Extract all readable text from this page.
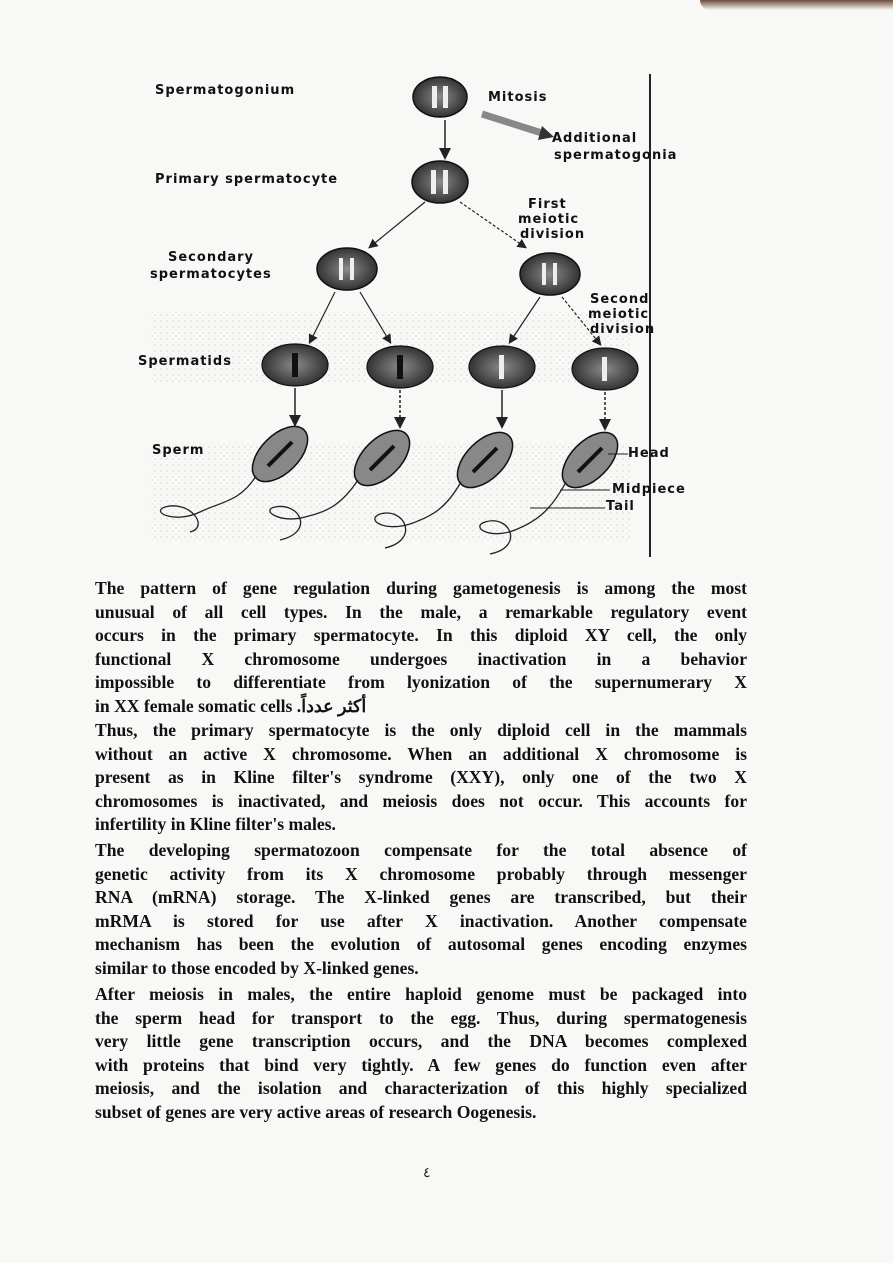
Spermatogonium	Mitosis
Additional
spermatogonia
Primary spermatocyte
First
meiotic
division
Secondary
spermatocytes
Second
meiotic
division
Spermatids
Sperm	Head
Midpiece
Tail
The pattern of gene regulation during gametogenesis is among the most
unusual of all cell types. In the male, a remarkable regulatory event
occurs in the primary spermatocyte. In this diploid XY cell, the only
functional X chromosome undergoes inactivation in a behavior
impossible to differentiate from lyonization of the supernumerary X
in XX female somatic cells .أكثر عدداً
Thus, the primary spermatocyte is the only diploid cell in the mammals
without an active X chromosome. When an additional X chromosome is
present as in Kline filter's syndrome (XXY), only one of the two X
chromosomes is inactivated, and meiosis does not occur. This accounts for
infertility in Kline filter's males.
The developing spermatozoon compensate for the total absence of
genetic activity from its X chromosome probably through messenger
RNA (mRNA) storage. The X-linked genes are transcribed, but their
mRMA is stored for use after X inactivation. Another compensate
mechanism has been the evolution of autosomal genes encoding enzymes
similar to those encoded by X-linked genes.
After meiosis in males, the entire haploid genome must be packaged into
the sperm head for transport to the egg. Thus, during spermatogenesis
very little gene transcription occurs, and the DNA becomes complexed
with proteins that bind very tightly. A few genes do function even after
meiosis, and the isolation and characterization of this highly specialized
subset of genes are very active areas of research Oogenesis.
٤
